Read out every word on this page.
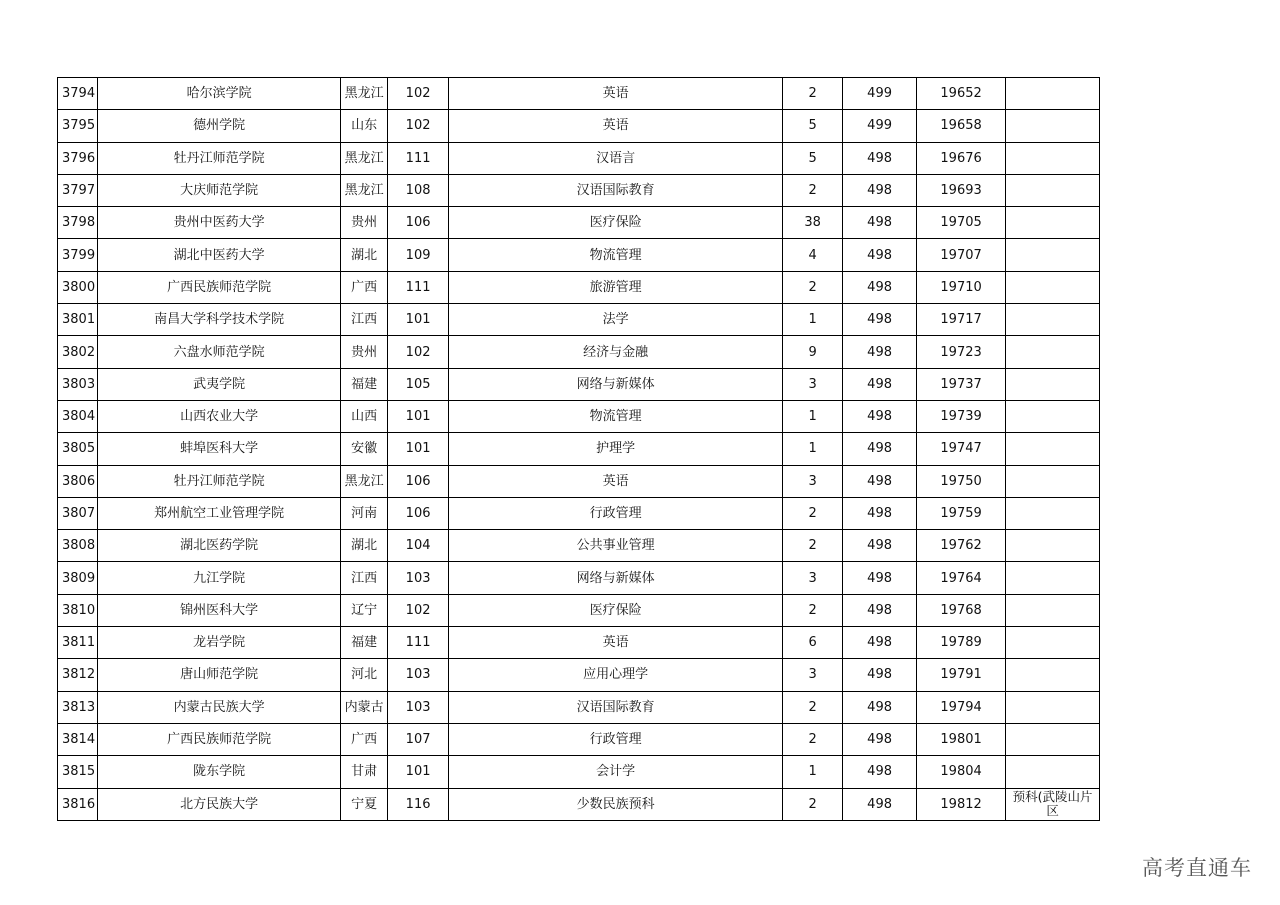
3794	哈尔滨学院	黑龙江	102	英语	2	499	19652	
3795	德州学院	山东	102	英语	5	499	19658	
3796	牡丹江师范学院	黑龙江	111	汉语言	5	498	19676	
3797	大庆师范学院	黑龙江	108	汉语国际教育	2	498	19693	
3798	贵州中医药大学	贵州	106	医疗保险	38	498	19705	
3799	湖北中医药大学	湖北	109	物流管理	4	498	19707	
3800	广西民族师范学院	广西	111	旅游管理	2	498	19710	
3801	南昌大学科学技术学院	江西	101	法学	1	498	19717	
3802	六盘水师范学院	贵州	102	经济与金融	9	498	19723	
3803	武夷学院	福建	105	网络与新媒体	3	498	19737	
3804	山西农业大学	山西	101	物流管理	1	498	19739	
3805	蚌埠医科大学	安徽	101	护理学	1	498	19747	
3806	牡丹江师范学院	黑龙江	106	英语	3	498	19750	
3807	郑州航空工业管理学院	河南	106	行政管理	2	498	19759	
3808	湖北医药学院	湖北	104	公共事业管理	2	498	19762	
3809	九江学院	江西	103	网络与新媒体	3	498	19764	
3810	锦州医科大学	辽宁	102	医疗保险	2	498	19768	
3811	龙岩学院	福建	111	英语	6	498	19789	
3812	唐山师范学院	河北	103	应用心理学	3	498	19791	
3813	内蒙古民族大学	内蒙古	103	汉语国际教育	2	498	19794	
3814	广西民族师范学院	广西	107	行政管理	2	498	19801	
3815	陇东学院	甘肃	101	会计学	1	498	19804	
3816	北方民族大学	宁夏	116	少数民族预科	2	498	19812	预科(武陵山片区
高考直通车
